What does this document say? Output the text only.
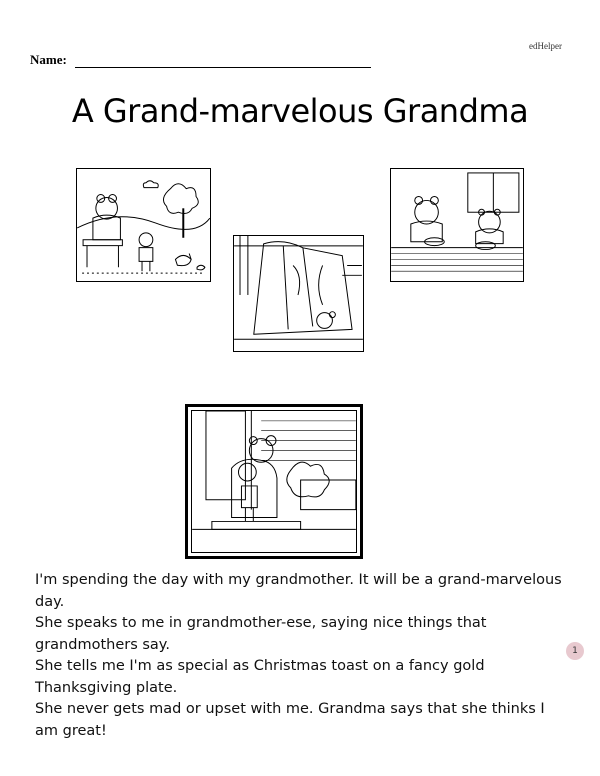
edHelper
Name:
A Grand-marvelous Grandma

I'm spending the day with my grandmother. It will be a grand-marvelous day.

She speaks to me in grandmother-ese, saying nice things that grandmothers say.

She tells me I'm as special as Christmas toast on a fancy gold Thanksgiving plate.

She never gets mad or upset with me. Grandma says that she thinks I am great!

1
